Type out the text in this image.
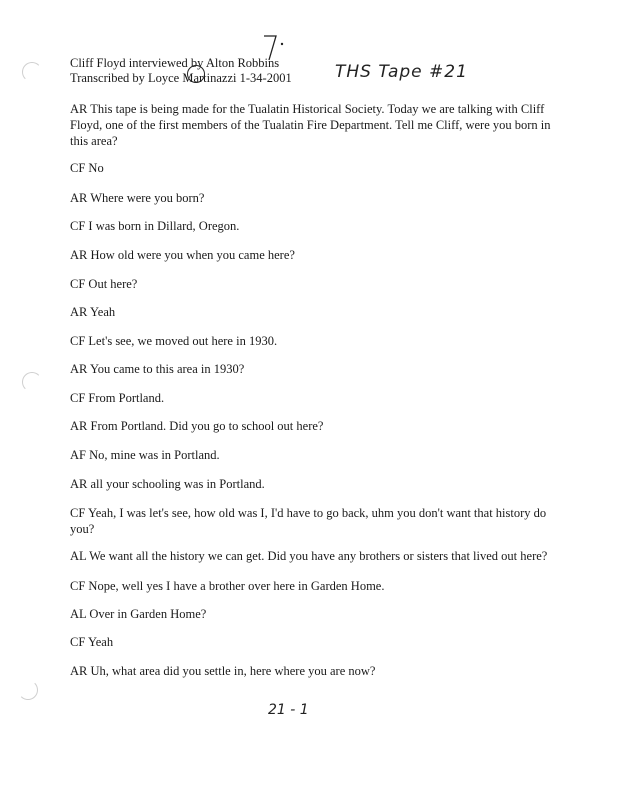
Cliff Floyd interviewed by Alton Robbins
Transcribed by Loyce Martinazzi 1-34-2001	THS Tape #21
AR This tape is being made for the Tualatin Historical Society. Today we are talking with Cliff Floyd, one of the first members of the Tualatin Fire Department. Tell me Cliff, were you born in this area?
CF No
AR Where were you born?
CF I was born in Dillard, Oregon.
AR How old were you when you came here?
CF Out here?
AR Yeah
CF Let's see, we moved out here in 1930.
AR You came to this area in 1930?
CF From Portland.
AR From Portland. Did you go to school out here?
AF No, mine was in Portland.
AR all your schooling was in Portland.
CF Yeah, I was let's see, how old was I, I'd have to go back, uhm you don't want that history do you?
AL We want all the history we can get. Did you have any brothers or sisters that lived out here?
CF Nope, well yes I have a brother over here in Garden Home.
AL Over in Garden Home?
CF Yeah
AR Uh, what area did you settle in, here where you are now?
21 - 1
